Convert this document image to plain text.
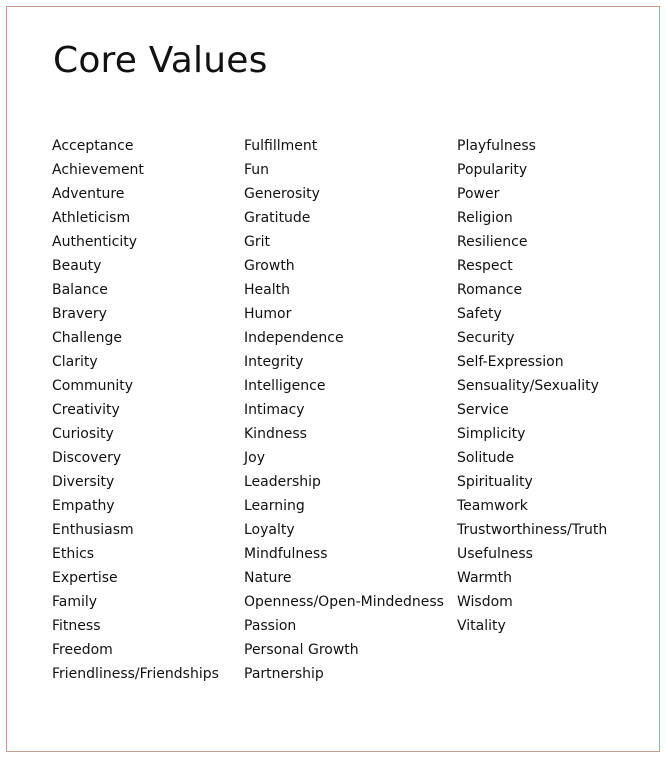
Core Values
Acceptance
Achievement
Adventure
Athleticism
Authenticity
Beauty
Balance
Bravery
Challenge
Clarity
Community
Creativity
Curiosity
Discovery
Diversity
Empathy
Enthusiasm
Ethics
Expertise
Family
Fitness
Freedom
Friendliness/Friendships
Fulfillment
Fun
Generosity
Gratitude
Grit
Growth
Health
Humor
Independence
Integrity
Intelligence
Intimacy
Kindness
Joy
Leadership
Learning
Loyalty
Mindfulness
Nature
Openness/Open-Mindedness
Passion
Personal Growth
Partnership
Playfulness
Popularity
Power
Religion
Resilience
Respect
Romance
Safety
Security
Self-Expression
Sensuality/Sexuality
Service
Simplicity
Solitude
Spirituality
Teamwork
Trustworthiness/Truth
Usefulness
Warmth
Wisdom
Vitality
